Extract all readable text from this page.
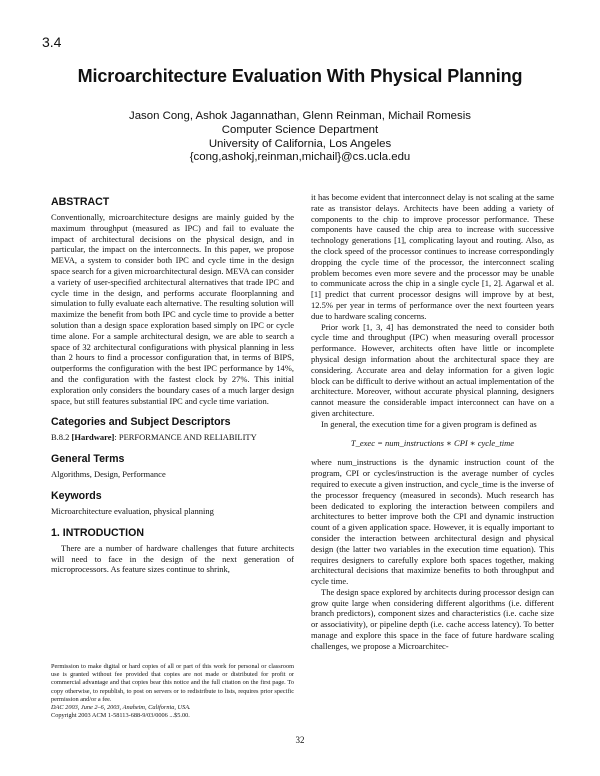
3.4
Microarchitecture Evaluation With Physical Planning
Jason Cong, Ashok Jagannathan, Glenn Reinman, Michail Romesis
Computer Science Department
University of California, Los Angeles
{cong,ashokj,reinman,michail}@cs.ucla.edu
ABSTRACT

Conventionally, microarchitecture designs are mainly guided by the maximum throughput (measured as IPC) and fail to evaluate the impact of architectural decisions on the physical design, and in particular, the impact on the interconnects. In this paper, we propose MEVA, a system to consider both IPC and cycle time in the design space search for a given microarchitectural design. MEVA can consider a variety of user-specified architectural alternatives that trade IPC and cycle time in the design, and performs accurate floorplanning and simulation to fully evaluate each alternative. The resulting solution will maximize the benefit from both IPC and cycle time to provide a better solution than a design space exploration based simply on IPC or cycle time alone. For a sample architectural design, we are able to search a space of 32 architectural configurations with physical planning in less than 2 hours to find a processor configuration that, in terms of BIPS, outperforms the configuration with the best IPC performance by 14%, and the configuration with the fastest clock by 27%. This initial exploration only considers the boundary cases of a much larger design space, but still features substantial IPC and cycle time variation.

Categories and Subject Descriptors

B.8.2 [Hardware]: PERFORMANCE AND RELIABILITY

General Terms

Algorithms, Design, Performance

Keywords

Microarchitecture evaluation, physical planning

1. INTRODUCTION

There are a number of hardware challenges that future architects will need to face in the design of the next generation of microprocessors. As feature sizes continue to shrink,

Permission to make digital or hard copies of all or part of this work for personal or classroom use is granted without fee provided that copies are not made or distributed for profit or commercial advantage and that copies bear this notice and the full citation on the first page. To copy otherwise, to republish, to post on servers or to redistribute to lists, requires prior specific permission and/or a fee.

DAC 2003, June 2–6, 2003, Anaheim, California, USA.

Copyright 2003 ACM 1-58113-688-9/03/0006 ...$5.00.

it has become evident that interconnect delay is not scaling at the same rate as transistor delays. Architects have been adding a variety of components to the chip to improve processor performance. These components have caused the chip area to increase with successive technology generations [1], complicating layout and routing. Also, as the clock speed of the processor continues to increase correspondingly dropping the cycle time of the processor, the interconnect scaling problem becomes even more severe and the processor may be unable to communicate across the chip in a single cycle [1, 2]. Agarwal et al. [1] predict that current processor designs will improve by at best, 12.5% per year in terms of performance over the next fourteen years due to hardware scaling concerns.

Prior work [1, 3, 4] has demonstrated the need to consider both cycle time and throughput (IPC) when measuring overall processor performance. However, architects often have little or incomplete physical design information about the architectural space they are considering. Accurate area and delay information for a given logic block can be difficult to derive without an actual implementation of the architecture. Moreover, without accurate physical planning, designers cannot measure the considerable impact interconnect can have on a given architecture.

In general, the execution time for a given program is defined as

T_exec = num_instructions ∗ CPI ∗ cycle_time

where num_instructions is the dynamic instruction count of the program, CPI or cycles/instruction is the average number of cycles required to execute a given instruction, and cycle_time is the inverse of the processor frequency (measured in seconds). Much research has been dedicated to exploring the interaction between compilers and architectures to better improve both the CPI and dynamic instruction count of a given application space. However, it is equally important to consider the interaction between architectural design and physical design (the latter two variables in the execution time equation). This requires designers to carefully explore both spaces together, making architectural decisions that maximize benefits to both throughput and cycle time.

The design space explored by architects during processor design can grow quite large when considering different algorithms (i.e. different branch predictors), component sizes and characteristics (i.e. cache size or associativity), or pipeline depth (i.e. cache access latency). To better manage and explore this space in the face of future hardware scaling challenges, we propose a Microarchitec-

32
